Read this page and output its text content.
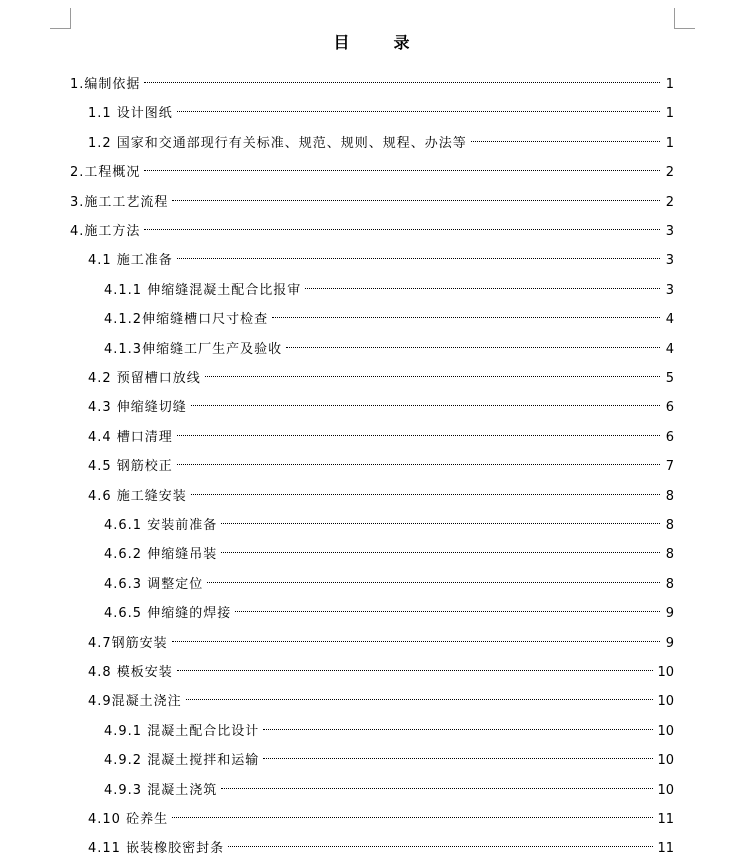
目　录
1.编制依据	1
1.1 设计图纸	1
1.2 国家和交通部现行有关标准、规范、规则、规程、办法等	1
2.工程概况	2
3.施工工艺流程	2
4.施工方法	3
4.1 施工准备	3
4.1.1 伸缩缝混凝土配合比报审	3
4.1.2伸缩缝槽口尺寸检查	4
4.1.3伸缩缝工厂生产及验收	4
4.2 预留槽口放线	5
4.3 伸缩缝切缝	6
4.4 槽口清理	6
4.5 钢筋校正	7
4.6 施工缝安装	8
4.6.1 安装前准备	8
4.6.2 伸缩缝吊装	8
4.6.3 调整定位	8
4.6.5 伸缩缝的焊接	9
4.7钢筋安装	9
4.8 模板安装	10
4.9混凝土浇注	10
4.9.1 混凝土配合比设计	10
4.9.2 混凝土搅拌和运输	10
4.9.3 混凝土浇筑	10
4.10 砼养生	11
4.11 嵌装橡胶密封条	11
